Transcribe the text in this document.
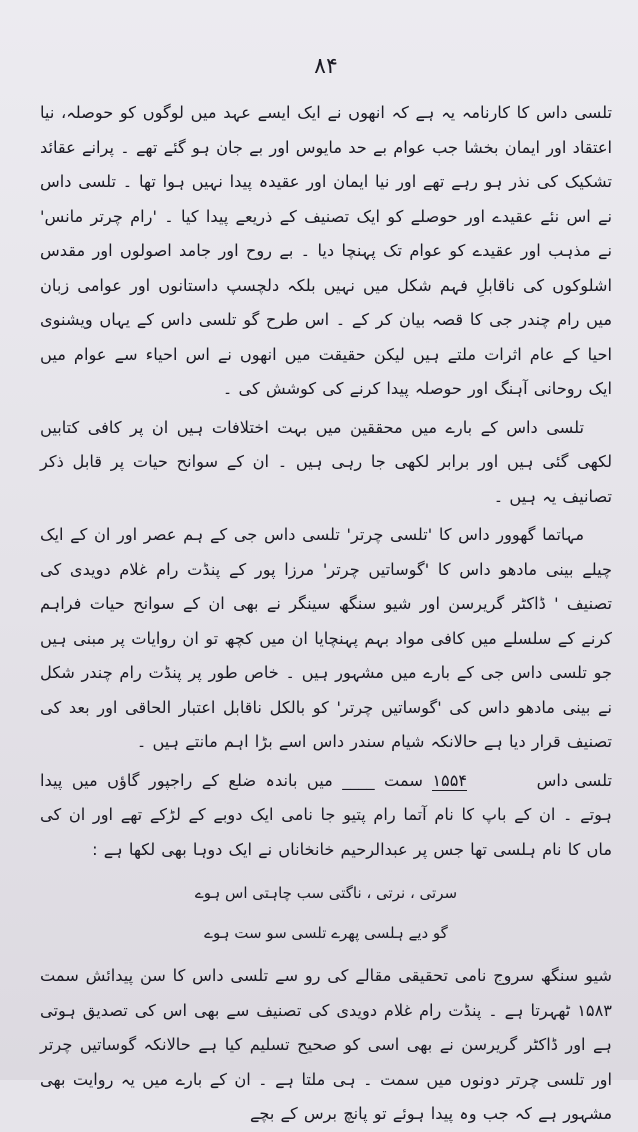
۸۴

تلسی داس کا کارنامہ یہ ہے کہ انھوں نے ایک ایسے عہد میں لوگوں کو حوصلہ، نیا اعتقاد اور ایمان بخشا جب عوام بے حد مایوس اور بے جان ہو گئے تھے ۔ پرانے عقائد تشکیک کی نذر ہو رہے تھے اور نیا ایمان اور عقیدہ پیدا نہیں ہوا تھا ۔ تلسی داس نے اس نئے عقیدے اور حوصلے کو ایک تصنیف کے ذریعے پیدا کیا ۔ 'رام چرتر مانس' نے مذہب اور عقیدے کو عوام تک پہنچا دیا ۔ بے روح اور جامد اصولوں اور مقدس اشلوکوں کی ناقابلِ فہم شکل میں نہیں بلکہ دلچسپ داستانوں اور عوامی زبان میں رام چندر جی کا قصہ بیان کر کے ۔ اس طرح گو تلسی داس کے یہاں ویشنوی احیا کے عام اثرات ملتے ہیں لیکن حقیقت میں انھوں نے اس احیاء سے عوام میں ایک روحانی آہنگ اور حوصلہ پیدا کرنے کی کوشش کی ۔

تلسی داس کے بارے میں محققین میں بہت اختلافات ہیں ان پر کافی کتابیں لکھی گئی ہیں اور برابر لکھی جا رہی ہیں ۔ ان کے سوانح حیات پر قابل ذکر تصانیف یہ ہیں ۔

مہاتما گھوور داس کا 'تلسی چرتر' تلسی داس جی کے ہم عصر اور ان کے ایک چیلے بینی مادھو داس کا 'گوساتیں چرتر' مرزا پور کے پنڈت رام غلام دویدی کی تصنیف ' ڈاکٹر گریرسن اور شیو سنگھ سینگر نے بھی ان کے سوانح حیات فراہم کرنے کے سلسلے میں کافی مواد بہم پہنچایا ان میں کچھ تو ان روایات پر مبنی ہیں جو تلسی داس جی کے بارے میں مشہور ہیں ۔ خاص طور پر پنڈت رام چندر شکل نے بینی مادھو داس کی 'گوساتیں چرتر' کو بالکل ناقابل اعتبار الحاقی اور بعد کی تصنیف قرار دیا ہے حالانکہ شیام سندر داس اسے بڑا اہم مانتے ہیں ۔

تلسی داس ۱۵۵۴ سمت ____ میں باندہ ضلع کے راجپور گاؤں میں پیدا ہوتے ۔ ان کے باپ کا نام آتما رام پتیو جا نامی ایک دوبے کے لڑکے تھے اور ان کی ماں کا نام ہلسی تھا جس پر عبدالرحیم خانخاناں نے ایک دوہا بھی لکھا ہے :

سرتی ، نرتی ، ناگتی سب چاہتی اس ہوے
گو دیے ہلسی پھرے تلسی سو ست ہوے

شیو سنگھ سروج نامی تحقیقی مقالے کی رو سے تلسی داس کا سن پیدائش سمت ۱۵۸۳ ٹھہرتا ہے ۔ پنڈت رام غلام دویدی کی تصنیف سے بھی اس کی تصدیق ہوتی ہے اور ڈاکٹر گریرسن نے بھی اسی کو صحیح تسلیم کیا ہے حالانکہ گوساتیں چرتر اور تلسی چرتر دونوں میں سمت ۔ ہی ملتا ہے ۔ ان کے بارے میں یہ روایت بھی مشہور ہے کہ جب وہ پیدا ہوئے تو پانچ برس کے بچے
